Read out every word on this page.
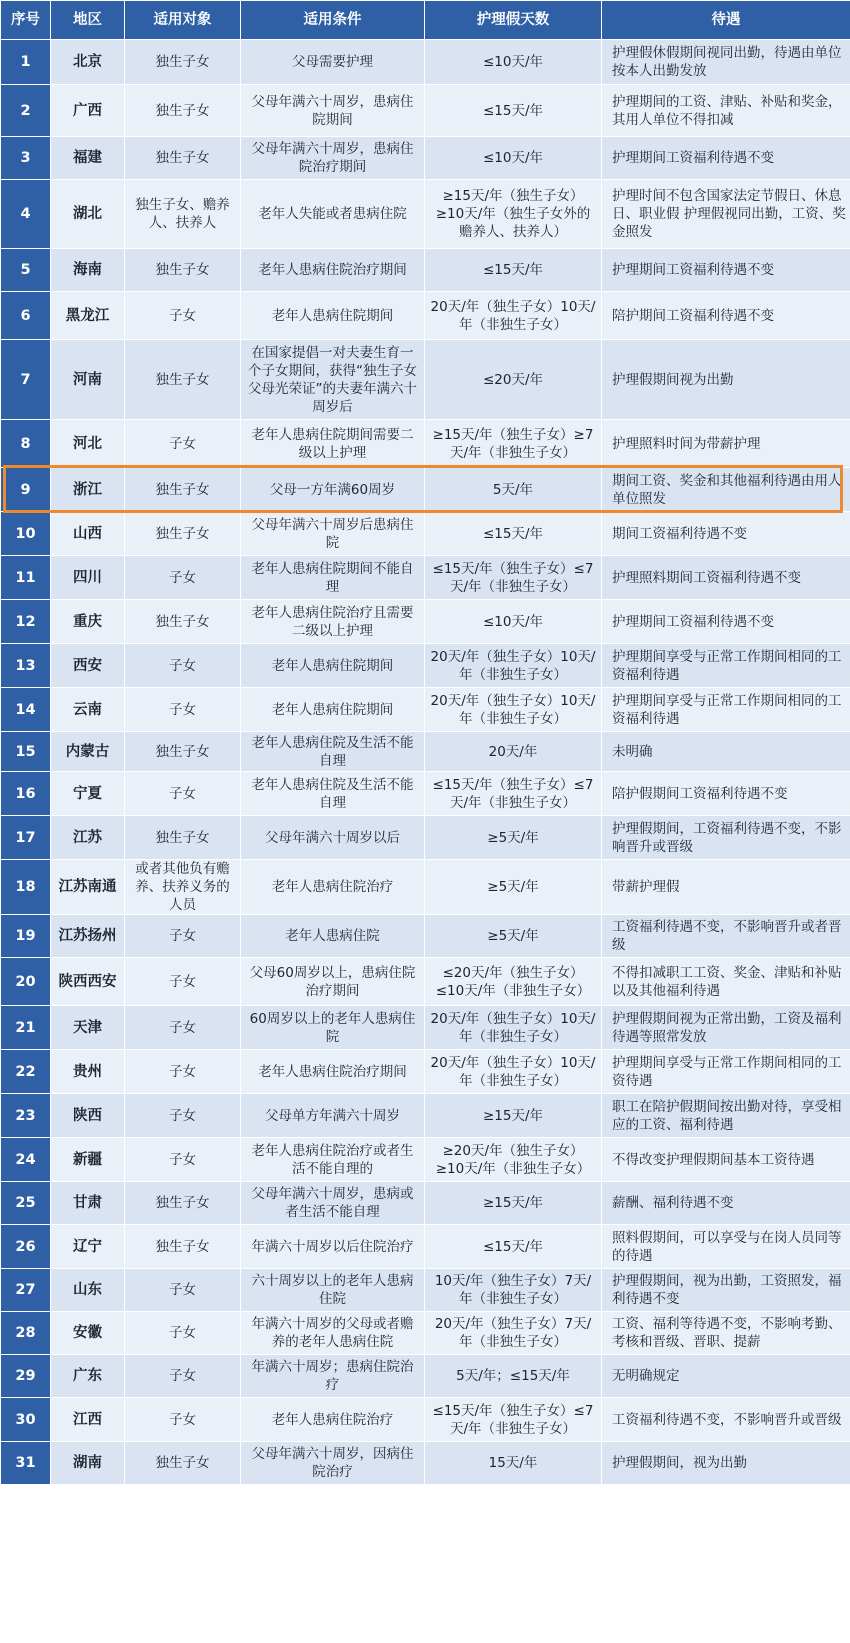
序号	地区	适用对象	适用条件	护理假天数	待遇
1	北京	独生子女	父母需要护理	≤10天/年	护理假休假期间视同出勤，待遇由单位按本人出勤发放
2	广西	独生子女	父母年满六十周岁，患病住院期间	≤15天/年	护理期间的工资、津贴、补贴和奖金，其用人单位不得扣减
3	福建	独生子女	父母年满六十周岁，患病住院治疗期间	≤10天/年	护理期间工资福利待遇不变
4	湖北	独生子女、赡养人、扶养人	老年人失能或者患病住院	≥15天/年（独生子女）≥10天/年（独生子女外的赡养人、扶养人）	护理时间不包含国家法定节假日、休息日、职业假 护理假视同出勤，工资、奖金照发
5	海南	独生子女	老年人患病住院治疗期间	≤15天/年	护理期间工资福利待遇不变
6	黑龙江	子女	老年人患病住院期间	20天/年（独生子女）10天/年（非独生子女）	陪护期间工资福利待遇不变
7	河南	独生子女	在国家提倡一对夫妻生育一个子女期间，获得“独生子女父母光荣证”的夫妻年满六十周岁后	≤20天/年	护理假期间视为出勤
8	河北	子女	老年人患病住院期间需要二级以上护理	≥15天/年（独生子女）≥7天/年（非独生子女）	护理照料时间为带薪护理
9	浙江	独生子女	父母一方年满60周岁	5天/年	期间工资、奖金和其他福利待遇由用人单位照发
10	山西	独生子女	父母年满六十周岁后患病住院	≤15天/年	期间工资福利待遇不变
11	四川	子女	老年人患病住院期间不能自理	≤15天/年（独生子女）≤7天/年（非独生子女）	护理照料期间工资福利待遇不变
12	重庆	独生子女	老年人患病住院治疗且需要二级以上护理	≤10天/年	护理期间工资福利待遇不变
13	西安	子女	老年人患病住院期间	20天/年（独生子女）10天/年（非独生子女）	护理期间享受与正常工作期间相同的工资福利待遇
14	云南	子女	老年人患病住院期间	20天/年（独生子女）10天/年（非独生子女）	护理期间享受与正常工作期间相同的工资福利待遇
15	内蒙古	独生子女	老年人患病住院及生活不能自理	20天/年	未明确
16	宁夏	子女	老年人患病住院及生活不能自理	≤15天/年（独生子女）≤7天/年（非独生子女）	陪护假期间工资福利待遇不变
17	江苏	独生子女	父母年满六十周岁以后	≥5天/年	护理假期间，工资福利待遇不变，不影响晋升或晋级
18	江苏南通	或者其他负有赡养、扶养义务的人员	老年人患病住院治疗	≥5天/年	带薪护理假
19	江苏扬州	子女	老年人患病住院	≥5天/年	工资福利待遇不变，不影响晋升或者晋级
20	陕西西安	子女	父母60周岁以上，患病住院治疗期间	≤20天/年（独生子女）≤10天/年（非独生子女）	不得扣减职工工资、奖金、津贴和补贴以及其他福利待遇
21	天津	子女	60周岁以上的老年人患病住院	20天/年（独生子女）10天/年（非独生子女）	护理假期间视为正常出勤，工资及福利待遇等照常发放
22	贵州	子女	老年人患病住院治疗期间	20天/年（独生子女）10天/年（非独生子女）	护理期间享受与正常工作期间相同的工资待遇
23	陕西	子女	父母单方年满六十周岁	≥15天/年	职工在陪护假期间按出勤对待，享受相应的工资、福利待遇
24	新疆	子女	老年人患病住院治疗或者生活不能自理的	≥20天/年（独生子女）≥10天/年（非独生子女）	不得改变护理假期间基本工资待遇
25	甘肃	独生子女	父母年满六十周岁，患病或者生活不能自理	≥15天/年	薪酬、福利待遇不变
26	辽宁	独生子女	年满六十周岁以后住院治疗	≤15天/年	照料假期间，可以享受与在岗人员同等的待遇
27	山东	子女	六十周岁以上的老年人患病住院	10天/年（独生子女）7天/年（非独生子女）	护理假期间，视为出勤，工资照发，福利待遇不变
28	安徽	子女	年满六十周岁的父母或者赡养的老年人患病住院	20天/年（独生子女）7天/年（非独生子女）	工资、福利等待遇不变，不影响考勤、考核和晋级、晋职、提薪
29	广东	子女	年满六十周岁；患病住院治疗	5天/年；≤15天/年	无明确规定
30	江西	子女	老年人患病住院治疗	≤15天/年（独生子女）≤7天/年（非独生子女）	工资福利待遇不变，不影响晋升或晋级
31	湖南	独生子女	父母年满六十周岁，因病住院治疗	15天/年	护理假期间，视为出勤
大舟山
阿在一样 上上大舟山
